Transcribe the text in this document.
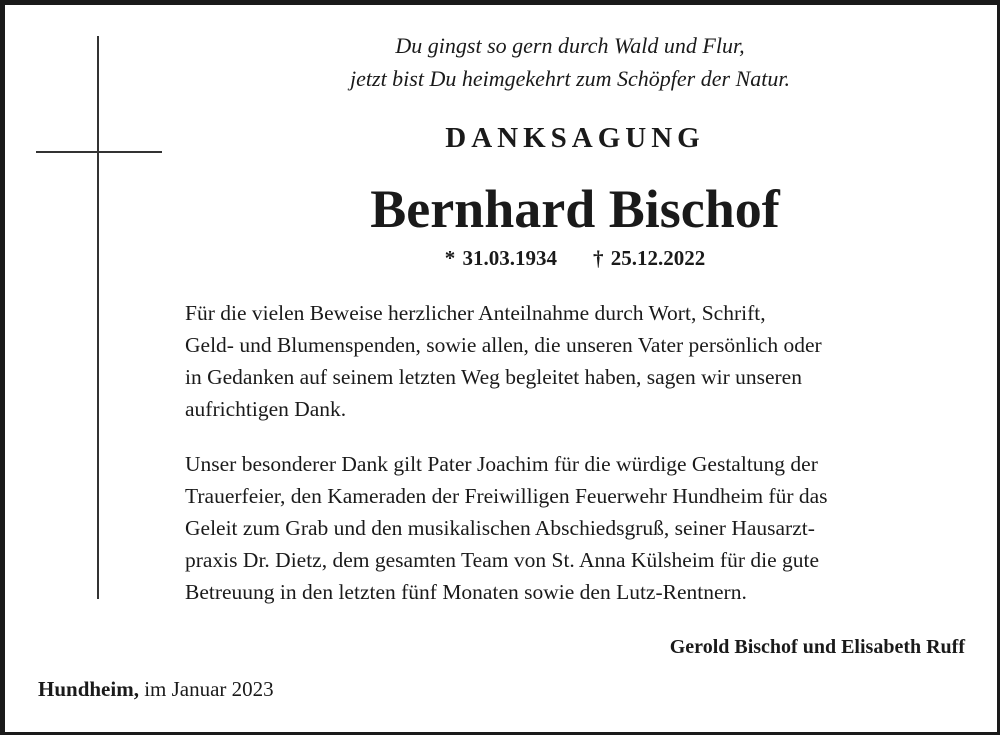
Du gingst so gern durch Wald und Flur,
jetzt bist Du heimgekehrt zum Schöpfer der Natur.
DANKSAGUNG
Bernhard Bischof
* 31.03.1934 † 25.12.2022
Für die vielen Beweise herzlicher Anteilnahme durch Wort, Schrift,
Geld- und Blumenspenden, sowie allen, die unseren Vater persönlich oder
in Gedanken auf seinem letzten Weg begleitet haben, sagen wir unseren
aufrichtigen Dank.
Unser besonderer Dank gilt Pater Joachim für die würdige Gestaltung der
Trauerfeier, den Kameraden der Freiwilligen Feuerwehr Hundheim für das
Geleit zum Grab und den musikalischen Abschiedsgruß, seiner Hausarzt-
praxis Dr. Dietz, dem gesamten Team von St. Anna Külsheim für die gute
Betreuung in den letzten fünf Monaten sowie den Lutz-Rentnern.
Gerold Bischof und Elisabeth Ruff
Hundheim, im Januar 2023
